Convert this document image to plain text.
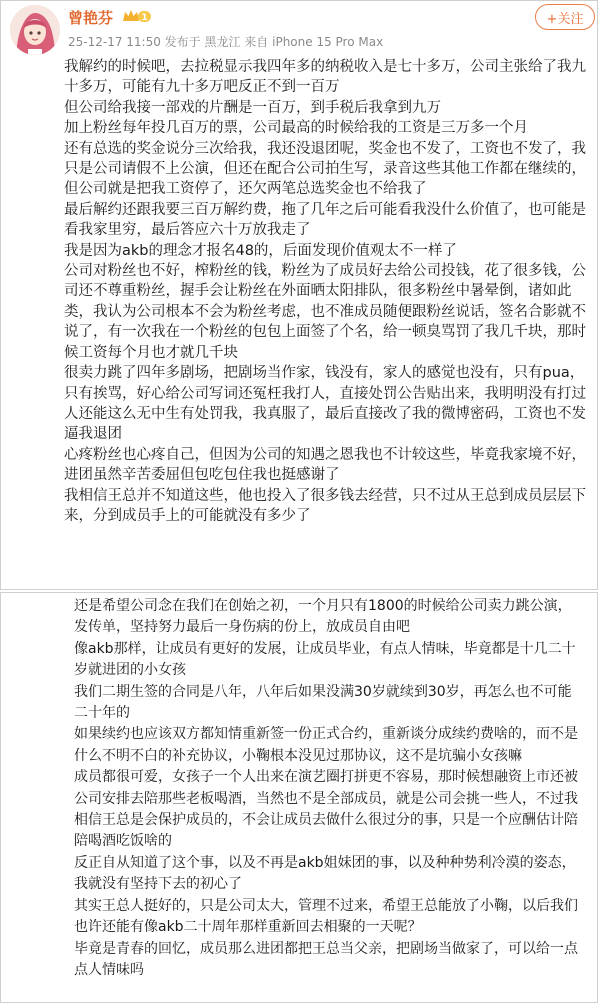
曾艳芬	1
25-12-17 11:50 发布于 黑龙江 来自 iPhone 15 Pro Max
+关注
我解约的时候吧，去拉税显示我四年多的纳税收入是七十多万，公司主张给了我九十多万，可能有九十多万吧反正不到一百万
但公司给我接一部戏的片酬是一百万，到手税后我拿到九万
加上粉丝每年投几百万的票，公司最高的时候给我的工资是三万多一个月
还有总选的奖金说分三次给我，我还没退团呢，奖金也不发了，工资也不发了，我只是公司请假不上公演，但还在配合公司拍生写，录音这些其他工作都在继续的，但公司就是把我工资停了，还欠两笔总选奖金也不给我了
最后解约还跟我要三百万解约费，拖了几年之后可能看我没什么价值了，也可能是看我家里穷，最后答应六十万放我走了
我是因为akb的理念才报名48的，后面发现价值观太不一样了
公司对粉丝也不好，榨粉丝的钱，粉丝为了成员好去给公司投钱，花了很多钱，公司还不尊重粉丝，握手会让粉丝在外面晒太阳排队，很多粉丝中暑晕倒，诸如此类，我认为公司根本不会为粉丝考虑，也不准成员随便跟粉丝说话，签名合影就不说了，有一次我在一个粉丝的包包上面签了个名，给一顿臭骂罚了我几千块，那时候工资每个月也才就几千块
很卖力跳了四年多剧场，把剧场当作家，钱没有，家人的感觉也没有，只有pua，只有挨骂，好心给公司写词还冤枉我打人，直接处罚公告贴出来，我明明没有打过人还能这么无中生有处罚我，我真服了，最后直接改了我的微博密码，工资也不发逼我退团
心疼粉丝也心疼自己，但因为公司的知遇之恩我也不计较这些，毕竟我家境不好，进团虽然辛苦委屈但包吃包住我也挺感谢了
我相信王总并不知道这些，他也投入了很多钱去经营，只不过从王总到成员层层下来，分到成员手上的可能就没有多少了
还是希望公司念在我们在创始之初，一个月只有1800的时候给公司卖力跳公演，发传单，坚持努力最后一身伤病的份上，放成员自由吧
像akb那样，让成员有更好的发展，让成员毕业，有点人情味，毕竟都是十几二十岁就进团的小女孩
我们二期生签的合同是八年，八年后如果没满30岁就续到30岁，再怎么也不可能二十年的
如果续约也应该双方都知情重新签一份正式合约，重新谈分成续约费啥的，而不是什么不明不白的补充协议，小鞠根本没见过那协议，这不是坑骗小女孩嘛
成员都很可爱，女孩子一个人出来在演艺圈打拼更不容易，那时候想融资上市还被公司安排去陪那些老板喝酒，当然也不是全部成员，就是公司会挑一些人，不过我相信王总是会保护成员的，不会让成员去做什么很过分的事，只是一个应酬估计陪陪喝酒吃饭啥的
反正自从知道了这个事，以及不再是akb姐妹团的事，以及种种势利冷漠的姿态，我就没有坚持下去的初心了
其实王总人挺好的，只是公司太大，管理不过来，希望王总能放了小鞠，以后我们也许还能有像akb二十周年那样重新回去相聚的一天呢？
毕竟是青春的回忆，成员那么进团都把王总当父亲，把剧场当做家了，可以给一点点人情味吗
